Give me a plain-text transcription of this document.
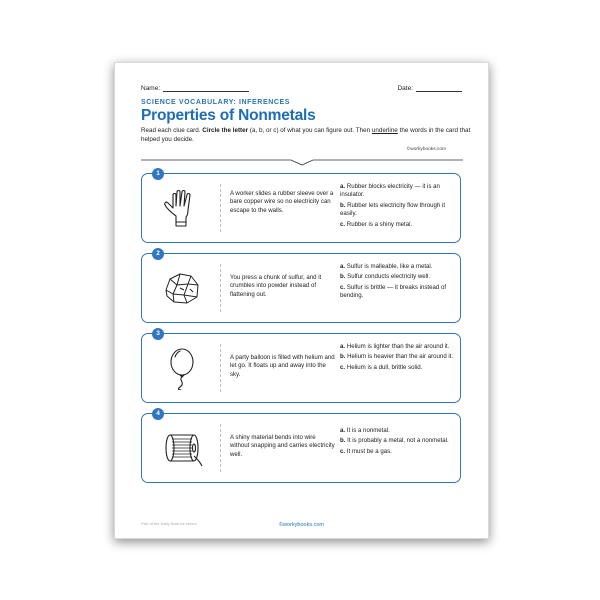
Name:	Date:
SCIENCE VOCABULARY: INFERENCES
Properties of Nonmetals
Read each clue card. Circle the letter (a, b, or c) of what you can figure out. Then underline the words in the card that helped you decide.
©workybooks.com
1
A worker slides a rubber sleeve over a bare copper wire so no electricity can escape to the walls.
a. Rubber blocks electricity — it is an insulator.
b. Rubber lets electricity flow through it easily.
c. Rubber is a shiny metal.
2
You press a chunk of sulfur, and it crumbles into powder instead of flattening out.
a. Sulfur is malleable, like a metal.
b. Sulfur conducts electricity well.
c. Sulfur is brittle — it breaks instead of bending.
3
A party balloon is filled with helium and let go. It floats up and away into the sky.
a. Helium is lighter than the air around it.
b. Helium is heavier than the air around it.
c. Helium is a dull, brittle solid.
4
A shiny material bends into wire without snapping and carries electricity well.
a. It is a nonmetal.
b. It is probably a metal, not a nonmetal.
c. It must be a gas.
Part of the Daily Science series	©workybooks.com
